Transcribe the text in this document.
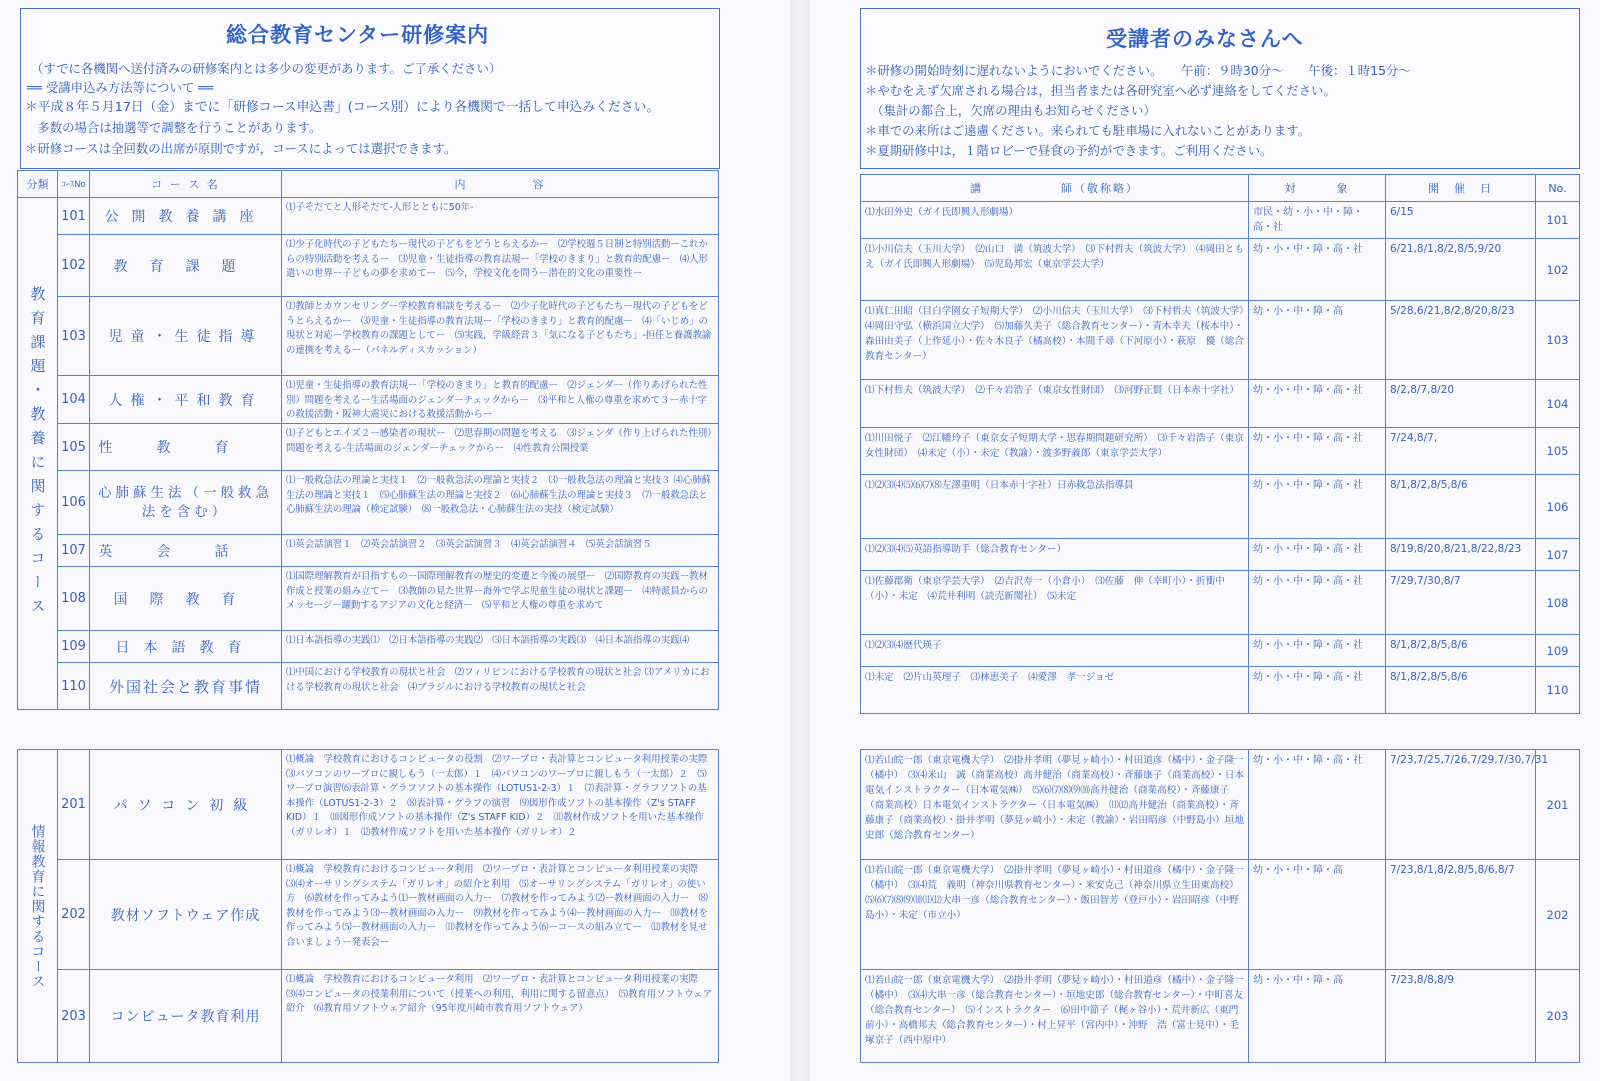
総合教育センター研修案内
（すでに各機関へ送付済みの研修案内とは多少の変更があります。ご了承ください）
══ 受講申込み方法等について ══
＊平成８年５月17日（金）までに「研修コース申込書」(コース別）により各機関で一括して申込みください。
　多数の場合は抽選等で調整を行うことがあります。
＊研修コースは全回数の出席が原則ですが，コースによっては選択できます。
分類	ｺｰｽNo	コ ー ス 名	内　　　　　容

教育課題・教養に関するコース	101	公開教養講座	⑴子そだてと人形そだて-人形とともに50年-
	102	教育課題	⑴少子化時代の子どもたちー現代の子どもをどうとらえるかー　⑵学校週５日制と特別活動ーこれからの特別活動を考えるー　⑶児童・生徒指導の教育法規ー「学校のきまり」と教育的配慮ー　⑷人形遣いの世界ー子どもの夢を求めてー　⑸今，学校文化を問うー潜在的文化の重要性ー
	103	児童・生徒指導	⑴教師とカウンセリングー学校教育相談を考えるー　⑵少子化時代の子どもたちー現代の子どもをどうとらえるかー　⑶児童・生徒指導の教育法規ー「学校のきまり」と教育的配慮ー　⑷「いじめ」の現状と対応ー学校教育の課題としてー　⑸実践，学級経営３「気になる子どもたち」-担任と養護教諭の連携を考えるー（パネルディスカッション）
	104	人権・平和教育	⑴児童・生徒指導の教育法規ー「学校のきまり」と教育的配慮ー　⑵ジェンダー（作りあげられた性別）問題を考えるー生活場面のジェンダーチェックからー　⑶平和と人権の尊重を求めて３ー赤十字の救援活動・阪神大震災における救援活動からー
	105	性教育	⑴子どもとエイズ２ー感染者の現状ー　⑵思春期の問題を考える　⑶ジェンダ（作り上げられた性別）問題を考える-生活場面のジェンダーチェックからー　⑷性教育公開授業
	106	心肺蘇生法（一般救急法を含む）	⑴一般救急法の理論と実技１　⑵一般救急法の理論と実技２　⑶一般救急法の理論と実技３ ⑷心肺蘇生法の理論と実技１　⑸心肺蘇生法の理論と実技２　⑹心肺蘇生法の理論と実技３　⑺一般救急法と心肺蘇生法の理論（検定試験）　⑻一般救急法・心肺蘇生法の実技（検定試験）
	107	英会話	⑴英会話演習１　⑵英会話演習２　⑶英会話演習３　⑷英会話演習４　⑸英会話演習５
	108	国際教育	⑴国際理解教育が目指すものー国際理解教育の歴史的変遷と今後の展望ー　⑵国際教育の実践ー教材作成と授業の組み立てー　⑶教師の見た世界ー海外で学ぶ児童生徒の現状と課題ー　⑷特派員からのメッセージー躍動するアジアの文化と経済ー　⑸平和と人権の尊重を求めて
	109	日本語教育	⑴日本語指導の実践⑴　⑵日本語指導の実践⑵　⑶日本語指導の実践⑶　⑷日本語指導の実践⑷
	110	外国社会と教育事情	⑴中国における学校教育の現状と社会　⑵フィリピンにおける学校教育の現状と社会 ⑶アメリカにおける学校教育の現状と社会　⑷ブラジルにおける学校教育の現状と社会
情報教育に関するコース	201	パソコン初級	⑴概論　学校教育におけるコンピュータの役割　⑵ワープロ・表計算とコンピュータ利用授業の実際　⑶パソコンのワープロに親しもう（一太郎）１　⑷パソコンのワープロに親しもう（一太郎）２　⑸ワープロ演習⑹表計算・グラフソフトの基本操作（LOTUS1-2-3）１　⑺表計算・グラフソフトの基本操作（LOTUS1-2-3）２　⑻表計算・グラフの演習　⑼図形作成ソフトの基本操作（Z's STAFF KID）１　⑽図形作成ソフトの基本操作（Z's STAFF KID）２　⑾教材作成ソフトを用いた基本操作（ガリレオ）１　⑿教材作成ソフトを用いた基本操作（ガリレオ）２
	202	教材ソフトウェア作成	⑴概論　学校教育におけるコンピュータ利用　⑵ワープロ・表計算とコンピュータ利用授業の実際　⑶⑷オーサリングシステム「ガリレオ」の紹介と利用　⑸オーサリングシステム「ガリレオ」の使い方　⑹教材を作ってみよう⑴ー教材画面の入力ー　⑺教材を作ってみよう⑵ー教材画面の入力ー　⑻教材を作ってみよう⑶ー教材画面の入力ー　⑼教材を作ってみよう⑷ー教材画面の入力ー　⑽教材を作ってみよう⑸ー教材画面の入力ー　⑾教材を作ってみよう⑹ーコースの組み立てー　⑿教材を見せ合いましょうー発表会ー
	203	コンピュータ教育利用	⑴概論　学校教育におけるコンピュータ利用　⑵ワープロ・表計算とコンピュータ利用授業の実際　⑶⑷コンピュータの授業利用について（授業への利用，利用に関する留意点）　⑸教育用ソフトウェア紹介　⑹教育用ソフトウェア紹介（95年度川崎市教育用ソフトウェア）
受講者のみなさんへ
＊研修の開始時刻に遅れないようにおいでください。　　午前：９時30分〜　　午後：１時15分〜
＊やむをえず欠席される場合は，担当者または各研究室へ必ず連絡をしてください。
　（集計の都合上，欠席の理由もお知らせください）
＊車での来所はご遠慮ください。来られても駐車場に入れないことがあります。
＊夏期研修中は，１階ロビーで昼食の予約ができます。ご利用ください。
講　　　　　　師（敬称略）	対　　　象	開　催　日	No.
⑴水田外史（ガイ氏即興人形劇場）	市民・幼・小・中・障・高・社	6/15	101
⑴小川信夫（玉川大学）　⑵山口　満（筑波大学）　⑶下村哲夫（筑波大学）　⑷岡田ともえ（ガイ氏即興人形劇場）　⑸児島邦宏（東京学芸大学）	幼・小・中・障・高・社	6/21,8/1,8/2,8/5,9/20	102
⑴真仁田昭（目白学園女子短期大学）　⑵小川信夫（玉川大学）　⑶下村哲夫（筑波大学）　⑷岡田守弘（横浜国立大学）　⑸加藤久美子（総合教育センター）・青木幸夫（桜本中）・森田由美子（上作延小）・佐々木良子（橘高校）・本間千尋（下河原小）・萩原　優（総合教育センター）	幼・小・中・障・高	5/28,6/21,8/2,8/20,8/23	103
⑴下村哲夫（筑波大学）　⑵千々岩浩子（東京女性財団）　⑶河野正賢（日本赤十字社）	幼・小・中・障・高・社	8/2,8/7,8/20	104
⑴川田悦子　⑵江幡玲子（東京女子短期大学・思春期問題研究所）　⑶千々岩浩子（東京女性財団）　⑷未定（小）・未定（教諭）・渡多野義郎（東京学芸大学）	幼・小・中・障・高・社	7/24,8/7,	105
⑴⑵⑶⑷⑸⑹⑺⑻左澤重明（日本赤十字社）日赤救急法指導員	幼・小・中・障・高・社	8/1,8/2,8/5,8/6	106
⑴⑵⑶⑷⑸英語指導助手（総合教育センター）	幼・小・中・障・高・社	8/19,8/20,8/21,8/22,8/23	107
⑴佐藤郡衛（東京学芸大学）　⑵吉沢寿一（小倉小）　⑶佐藤　伸（幸町小）・折衝中（小）・未定　⑷荒井利明（読売新聞社）　⑸未定	幼・小・中・障・高・社	7/29,7/30,8/7	108
⑴⑵⑶⑷歴代瑛子	幼・小・中・障・高・社	8/1,8/2,8/5,8/6	109
⑴未定　⑵片山英理子　⑶林恵美子　⑷愛澤　孝一ジョゼ	幼・小・中・障・高・社	8/1,8/2,8/5,8/6	110
⑴若山皖一郎（東京電機大学）　⑵掛井孝明（夢見ヶ崎小）・村田道彦（橘中）・金子隆一（橘中）　⑶⑷米山　誠（商業高校）高井健治（商業高校）・斉藤康子（商業高校）・日本電気インストラクター（日本電気㈱）　⑸⑹⑺⑻⑼⑽高井健治（商業高校）・斉藤康子（商業高校）日本電気インストラクター（日本電気㈱）　⑾⑿高井健治（商業高校）・斉藤康子（商業高校）・掛井孝明（夢見ヶ崎小）・未定（教諭）・岩田昭彦（中野島小）垣地史郎（総合教育センター）	幼・小・中・障・高・社	7/23,7/25,7/26,7/29,7/30,7/31	201
⑴若山皖一郎（東京電機大学）　⑵掛井孝明（夢見ヶ崎小）・村田道彦（橘中）・金子隆一（橘中）　⑶⑷荒　義明（神奈川県教育センター）・米安克己（神奈川県立生田東高校）　⑸⑹⑺⑻⑼⑽⑾⑿大串一彦（総合教育センター）・飯田智芳（登戸小）・岩田昭彦（中野島小）・未定（市立小）	幼・小・中・障・高	7/23,8/1,8/2,8/5,8/6,8/7	202
⑴若山皖一郎（東京電機大学）　⑵掛井孝明（夢見ヶ崎小）・村田道彦（橘中）・金子隆一（橘中）　⑶⑷大串一彦（総合教育センター）・垣地史郎（総合教育センター）・中町喜友（総合教育センター）　⑸インストラクター　⑹田中節子（梶ヶ谷小）・荒井新広（東門前小）・高橋邦夫（総合教育センター）・村上昇平（宮内中）・沖野　浩（富士見中）・毛塚京子（西中原中）	幼・小・中・障・高	7/23,8/8,8/9	203
